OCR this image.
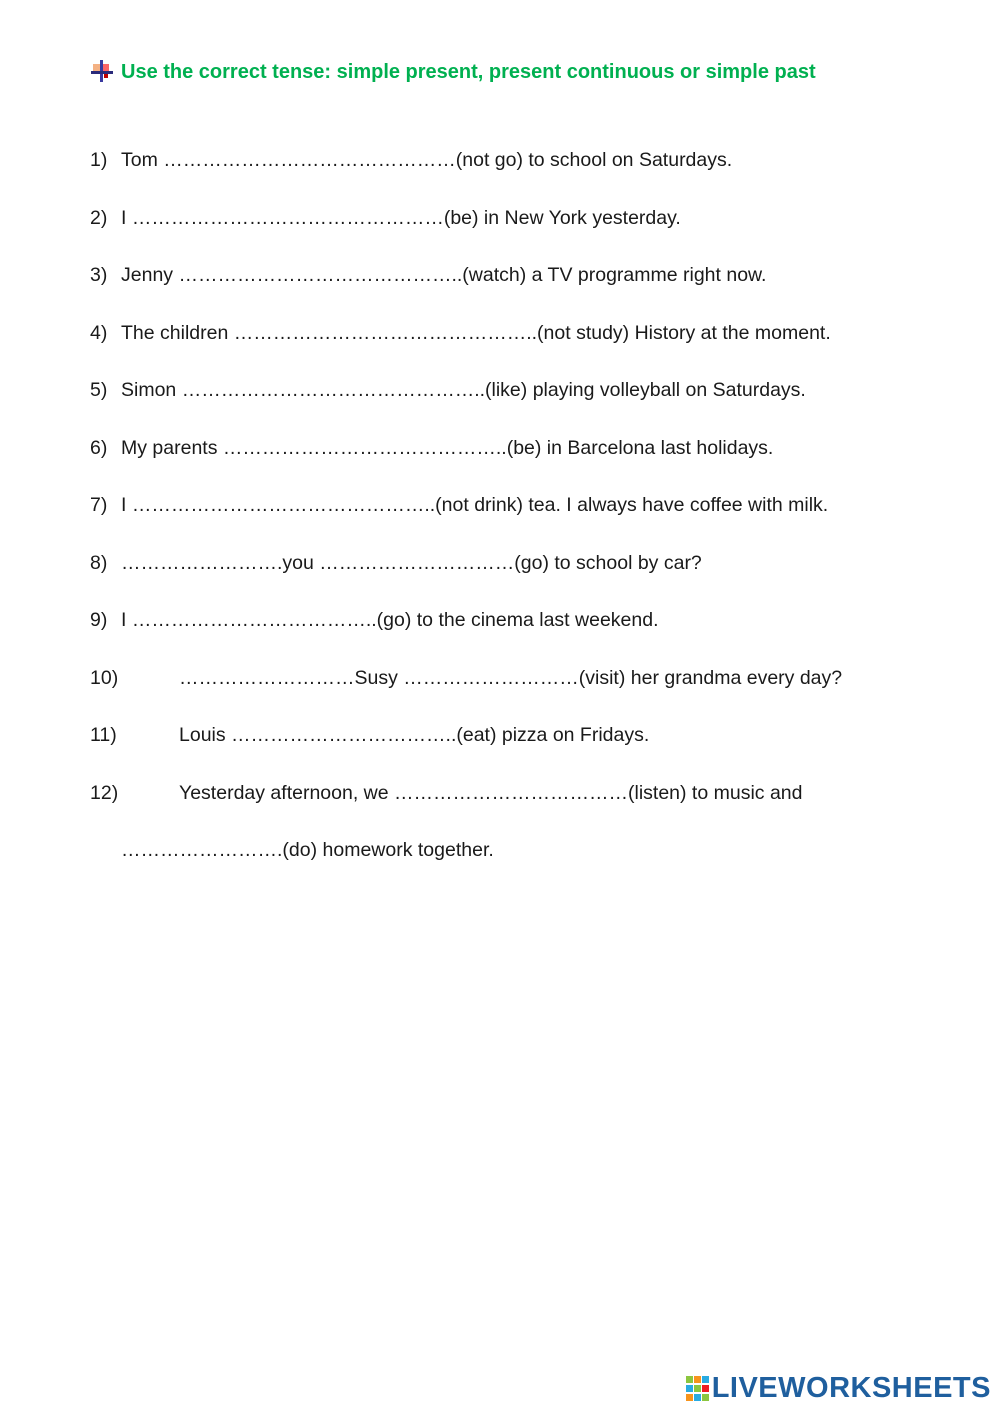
Use the correct tense: simple present, present continuous or simple past
1) Tom ………………………………………(not go) to school on Saturdays.
2) I …………………………………………(be) in New York yesterday.
3) Jenny ……………………………………..(watch) a TV programme right now.
4) The children ………………………………………..(not study) History at the moment.
5) Simon ………………………………………..(like) playing volleyball on Saturdays.
6) My parents ……………………………………..(be) in Barcelona last holidays.
7) I ………………………………………..(not drink) tea. I always have coffee with milk.
8) …………………….you …………………………(go) to school by car?
9) I ………………………………..(go) to the cinema last weekend.
10)	………………………Susy ………………………(visit) her grandma every day?
11)	Louis ……………………………..(eat) pizza on Fridays.
12)	Yesterday afternoon, we ………………………………(listen) to music and
…………………….(do) homework together.
LIVEWORKSHEETS
